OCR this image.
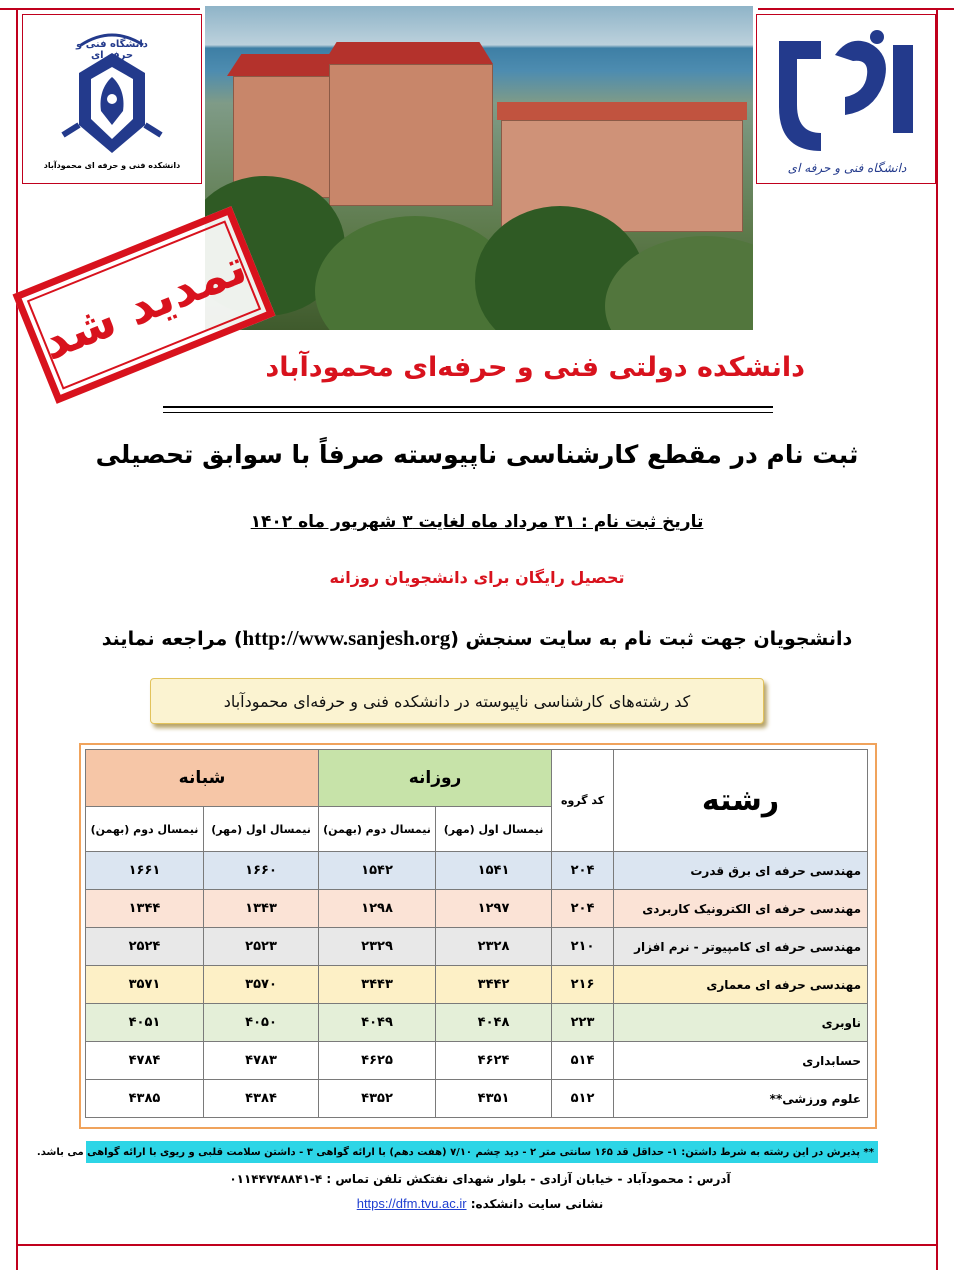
دانشگاه فنی و حرفه ای
دانشکده فنی و حرفه ای محمودآباد	دانشگاه فنی و حرفه ای
تمدید شد دانشکده دولتی فنی و حرفه‌ای محمودآباد
ثبت نام در مقطع کارشناسی ناپیوسته صرفاً با سوابق تحصیلی
تاریخ ثبت نام : ۳۱ مرداد ماه لغایت ۳ شهریور ماه ۱۴۰۲
تحصیل رایگان برای دانشجویان روزانه
دانشجویان جهت ثبت نام به سایت سنجش (http://www.sanjesh.org) مراجعه نمایند
کد رشته‌های کارشناسی ناپیوسته در دانشکده فنی و حرفه‌ای محمودآباد
رشته	کد گروه	روزانه		شبانه	
		نیمسال اول (مهر)	نیمسال دوم (بهمن)	نیمسال اول (مهر)	نیمسال دوم (بهمن)
مهندسی حرفه ای برق قدرت	۲۰۴	۱۵۴۱	۱۵۴۲	۱۶۶۰	۱۶۶۱
مهندسی حرفه ای الکترونیک کاربردی	۲۰۴	۱۲۹۷	۱۲۹۸	۱۳۴۳	۱۳۴۴
مهندسی حرفه ای کامپیوتر - نرم افزار	۲۱۰	۲۳۲۸	۲۳۲۹	۲۵۲۳	۲۵۲۴
مهندسی حرفه ای معماری	۲۱۶	۳۴۴۲	۳۴۴۳	۳۵۷۰	۳۵۷۱
ناوبری	۲۲۳	۴۰۴۸	۴۰۴۹	۴۰۵۰	۴۰۵۱
حسابداری	۵۱۴	۴۶۲۴	۴۶۲۵	۴۷۸۳	۴۷۸۴
علوم ورزشی**	۵۱۲	۴۳۵۱	۴۳۵۲	۴۳۸۴	۴۳۸۵
** پذیرش در این رشته به شرط داشتن: ۱- حداقل قد ۱۶۵ سانتی متر ۲ - دید چشم ۷/۱۰ (هفت دهم) با ارائه گواهی ۳ - داشتن سلامت قلبی و ریوی با ارائه گواهی می باشد.
آدرس : محمودآباد - خیابان آزادی - بلوار شهدای نفتکش تلفن تماس : ۴-۰۱۱۴۴۷۴۸۸۴۱
نشانی سایت دانشکده: https://dfm.tvu.ac.ir
